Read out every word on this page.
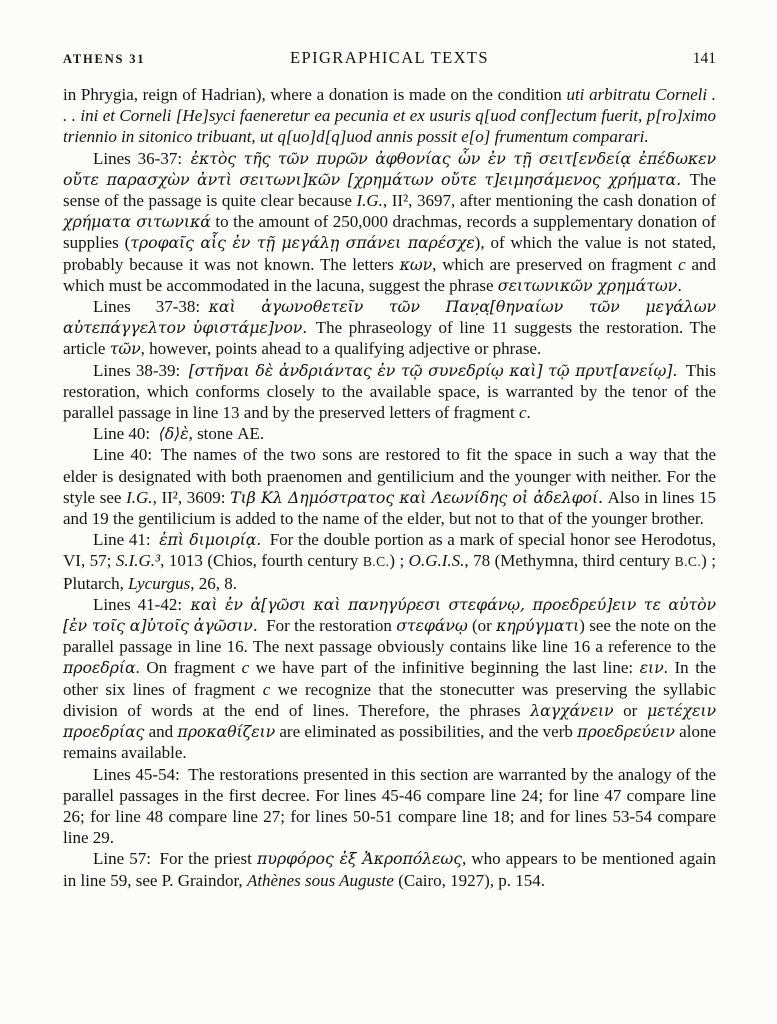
ATHENS 31	EPIGRAPHICAL TEXTS	141

in Phrygia, reign of Hadrian), where a donation is made on the condition uti arbitratu Corneli . . . ini et Corneli [He]syci faeneretur ea pecunia et ex usuris q[uod conf]ectum fuerit, p[ro]ximo triennio in sitonico tribuant, ut q[uo]d[q]uod annis possit e[o] frumentum comparari.

Lines 36-37: ἐκτὸς τῆς τῶν πυρῶν ἀφθονίας ὧν ἐν τῇ σειτ[ενδείᾳ ἐπέδωκεν οὔτε παρασχὼν ἀντὶ σειτωνι]κῶν [χρημάτων οὔτε τ]ειμησάμενος χρήματα. The sense of the passage is quite clear because I.G., II², 3697, after mentioning the cash donation of χρήματα σιτωνικά to the amount of 250,000 drachmas, records a supplementary donation of supplies (τροφαῖς αἷς ἐν τῇ μεγάλῃ σπάνει παρέσχε), of which the value is not stated, probably because it was not known. The letters κων, which are preserved on fragment c and which must be accommodated in the lacuna, suggest the phrase σειτωνικῶν χρημάτων.

Lines 37-38: καὶ ἀγωνοθετεῖν τῶν Παν̣α̣[θηναίων τῶν μεγάλων αὐτεπάγγελτον ὑφιστάμε]νον. The phraseology of line 11 suggests the restoration. The article τῶν, however, points ahead to a qualifying adjective or phrase.

Lines 38-39: [στῆναι δὲ ἀνδριάντας ἐν τῷ συνεδρίῳ καὶ] τῷ πρυτ[ανείῳ]. This restoration, which conforms closely to the available space, is warranted by the tenor of the parallel passage in line 13 and by the preserved letters of fragment c.

Line 40: ⟨δ⟩ὲ, stone ΑΕ.

Line 40: The names of the two sons are restored to fit the space in such a way that the elder is designated with both praenomen and gentilicium and the younger with neither. For the style see I.G., II², 3609: Τιβ Κλ Δημόστρατος καὶ Λεωνίδης οἱ ἀδελφοί. Also in lines 15 and 19 the gentilicium is added to the name of the elder, but not to that of the younger brother.

Line 41: ἐπὶ διμοιρίᾳ. For the double portion as a mark of special honor see Herodotus, VI, 57; S.I.G.³, 1013 (Chios, fourth century B.C.) ; O.G.I.S., 78 (Methymna, third century B.C.) ; Plutarch, Lycurgus, 26, 8.

Lines 41-42: καὶ ἐν ἀ[γῶσι καὶ πανηγύρεσι στεφάνῳ, προεδρεύ]ειν τε αὐτὸν [ἐν τοῖς α]ὐτοῖς ἀγῶσιν. For the restoration στεφάνῳ (or κηρύγματι) see the note on the parallel passage in line 16. The next passage obviously contains like line 16 a reference to the προεδρία. On fragment c we have part of the infinitive beginning the last line: ειν. In the other six lines of fragment c we recognize that the stonecutter was preserving the syllabic division of words at the end of lines. Therefore, the phrases λαγχάνειν or μετέχειν προεδρίας and προκαθίζειν are eliminated as possibilities, and the verb προεδρεύειν alone remains available.

Lines 45-54: The restorations presented in this section are warranted by the analogy of the parallel passages in the first decree. For lines 45-46 compare line 24; for line 47 compare line 26; for line 48 compare line 27; for lines 50-51 compare line 18; and for lines 53-54 compare line 29.

Line 57: For the priest πυρφόρος ἐξ Ἀκροπόλεως, who appears to be mentioned again in line 59, see P. Graindor, Athènes sous Auguste (Cairo, 1927), p. 154.
